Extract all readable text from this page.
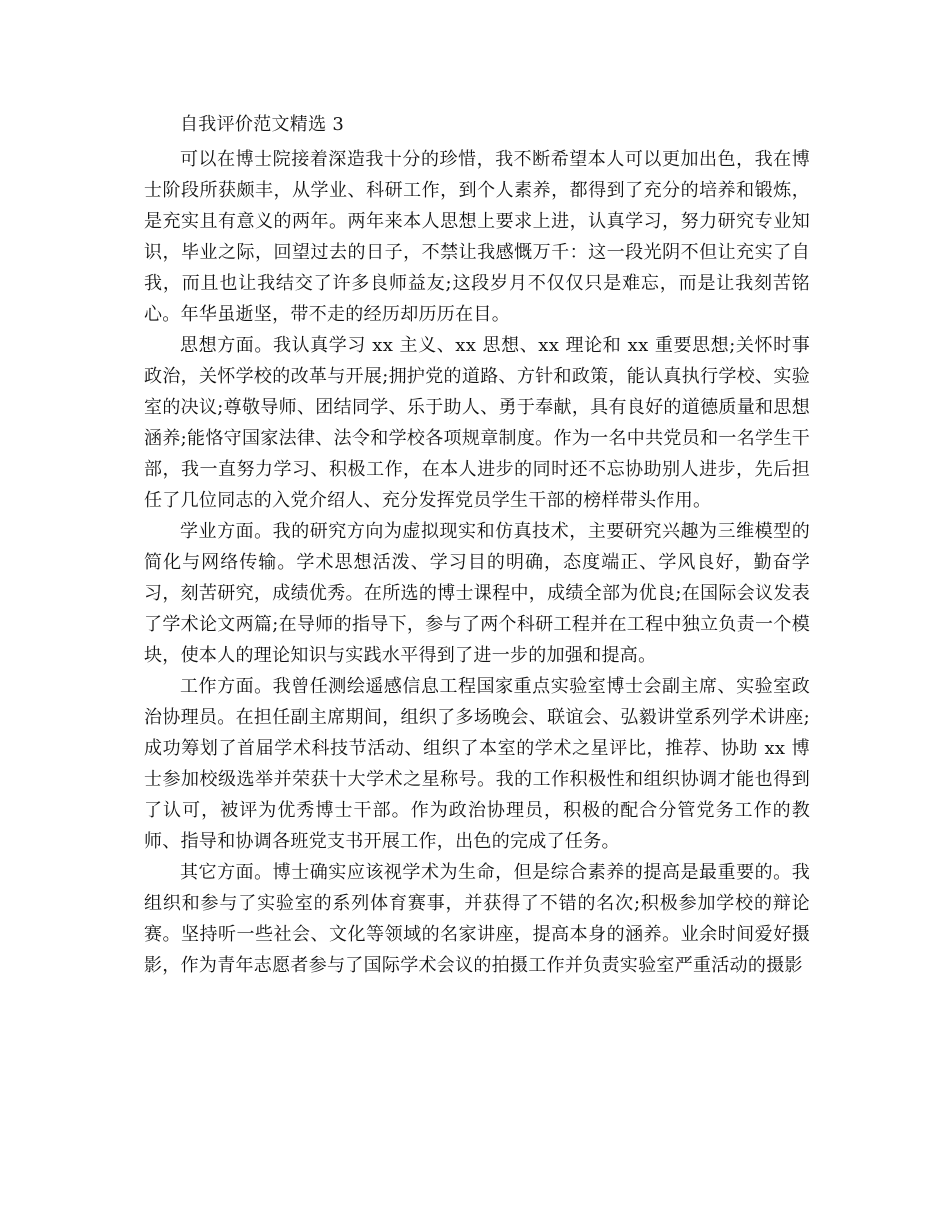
自我评价范文精选 3

可以在博士院接着深造我十分的珍惜，我不断希望本人可以更加出色，我在博士阶段所获颇丰，从学业、科研工作，到个人素养，都得到了充分的培养和锻炼，是充实且有意义的两年。两年来本人思想上要求上进，认真学习，努力研究专业知识，毕业之际，回望过去的日子，不禁让我感慨万千：这一段光阴不但让充实了自我，而且也让我结交了许多良师益友;这段岁月不仅仅只是难忘，而是让我刻苦铭心。年华虽逝坚，带不走的经历却历历在目。

思想方面。我认真学习 xx 主义、xx 思想、xx 理论和 xx 重要思想;关怀时事政治，关怀学校的改革与开展;拥护党的道路、方针和政策，能认真执行学校、实验室的决议;尊敬导师、团结同学、乐于助人、勇于奉献，具有良好的道德质量和思想涵养;能恪守国家法律、法令和学校各项规章制度。作为一名中共党员和一名学生干部，我一直努力学习、积极工作，在本人进步的同时还不忘协助别人进步，先后担任了几位同志的入党介绍人、充分发挥党员学生干部的榜样带头作用。

学业方面。我的研究方向为虚拟现实和仿真技术，主要研究兴趣为三维模型的简化与网络传输。学术思想活泼、学习目的明确，态度端正、学风良好，勤奋学习，刻苦研究，成绩优秀。在所选的博士课程中，成绩全部为优良;在国际会议发表了学术论文两篇;在导师的指导下，参与了两个科研工程并在工程中独立负责一个模块，使本人的理论知识与实践水平得到了进一步的加强和提高。

工作方面。我曾任测绘遥感信息工程国家重点实验室博士会副主席、实验室政治协理员。在担任副主席期间，组织了多场晚会、联谊会、弘毅讲堂系列学术讲座;成功筹划了首届学术科技节活动、组织了本室的学术之星评比，推荐、协助 xx 博士参加校级选举并荣获十大学术之星称号。我的工作积极性和组织协调才能也得到了认可，被评为优秀博士干部。作为政治协理员，积极的配合分管党务工作的教师、指导和协调各班党支书开展工作，出色的完成了任务。

其它方面。博士确实应该视学术为生命，但是综合素养的提高是最重要的。我组织和参与了实验室的系列体育赛事，并获得了不错的名次;积极参加学校的辩论赛。坚持听一些社会、文化等领域的名家讲座，提高本身的涵养。业余时间爱好摄影，作为青年志愿者参与了国际学术会议的拍摄工作并负责实验室严重活动的摄影
